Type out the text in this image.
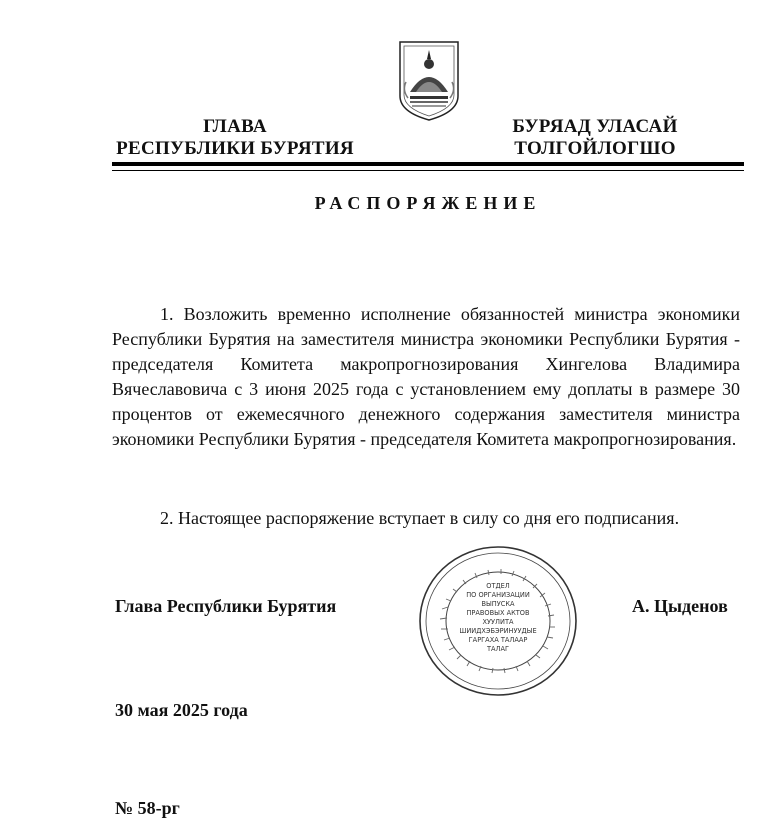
ГЛАВА
РЕСПУБЛИКИ БУРЯТИЯ
БУРЯАД УЛАСАЙ
ТОЛГОЙЛОГШО
РАСПОРЯЖЕНИЕ
1. Возложить временно исполнение обязанностей министра экономики Республики Бурятия на заместителя министра экономики Республики Бурятия - председателя Комитета макропрогнозирования Хингелова Владимира Вячеславовича с 3 июня 2025 года с установлением ему доплаты в размере 30 процентов от ежемесячного денежного содержания заместителя министра экономики Республики Бурятия - председателя Комитета макропрогнозирования.
2. Настоящее распоряжение вступает в силу со дня его подписания.
Глава Республики Бурятия	А. Цыденов
ОТДЕЛ
ПО ОРГАНИЗАЦИИ
ВЫПУСКА
ПРАВОВЫХ АКТОВ
ХУУЛИТА
ШИИДХЭБЭРИНУУДЫЕ
ГАРГАХА ТАЛААР
ТАЛАГ
30 мая 2025 года
№ 58-рг
